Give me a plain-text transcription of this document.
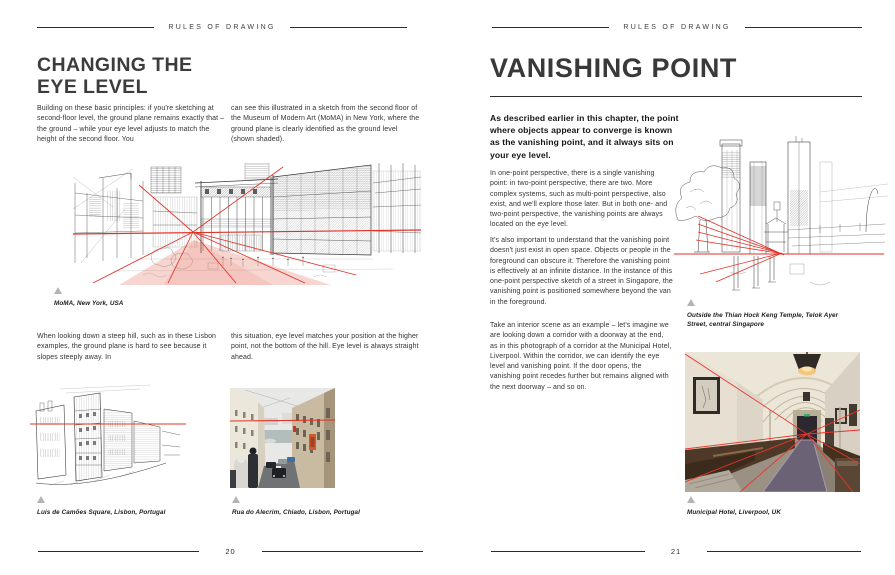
RULES OF DRAWING
CHANGING THE
EYE LEVEL
Building on these basic principles: if you're sketching at second-floor level, the ground plane remains exactly that – the ground – while your eye level adjusts to match the height of the second floor. You
can see this illustrated in a sketch from the second floor of the Museum of Modern Art (MoMA) in New York, where the ground plane is clearly identified as the ground level (shown shaded).
MoMA, New York, USA
When looking down a steep hill, such as in these Lisbon examples, the ground plane is hard to see because it slopes steeply away. In
this situation, eye level matches your position at the higher point, not the bottom of the hill. Eye level is always straight ahead.
Luís de Camões Square, Lisbon, Portugal	Rua do Alecrim, Chiado, Lisbon, Portugal
20
RULES OF DRAWING
VANISHING POINT
As described earlier in this chapter, the point where objects appear to converge is known as the vanishing point, and it always sits on your eye level.
In one-point perspective, there is a single vanishing point: in two-point perspective, there are two. More complex systems, such as multi-point perspective, also exist, and we'll explore those later. But in both one- and two-point perspective, the vanishing points are always located on the eye level.
It's also important to understand that the vanishing point doesn't just exist in open space. Objects or people in the foreground can obscure it. Therefore the vanishing point is effectively at an infinite distance. In the instance of this one-point perspective sketch of a street in Singapore, the vanishing point is positioned somewhere beyond the van in the foreground.
Take an interior scene as an example – let's imagine we are looking down a corridor with a doorway at the end, as in this photograph of a corridor at the Municipal Hotel, Liverpool. Within the corridor, we can identify the eye level and vanishing point. If the door opens, the vanishing point recedes further but remains aligned with the next doorway – and so on.
Outside the Thian Hock Keng Temple, Telok Ayer Street, central Singapore
Municipal Hotel, Liverpool, UK
21
